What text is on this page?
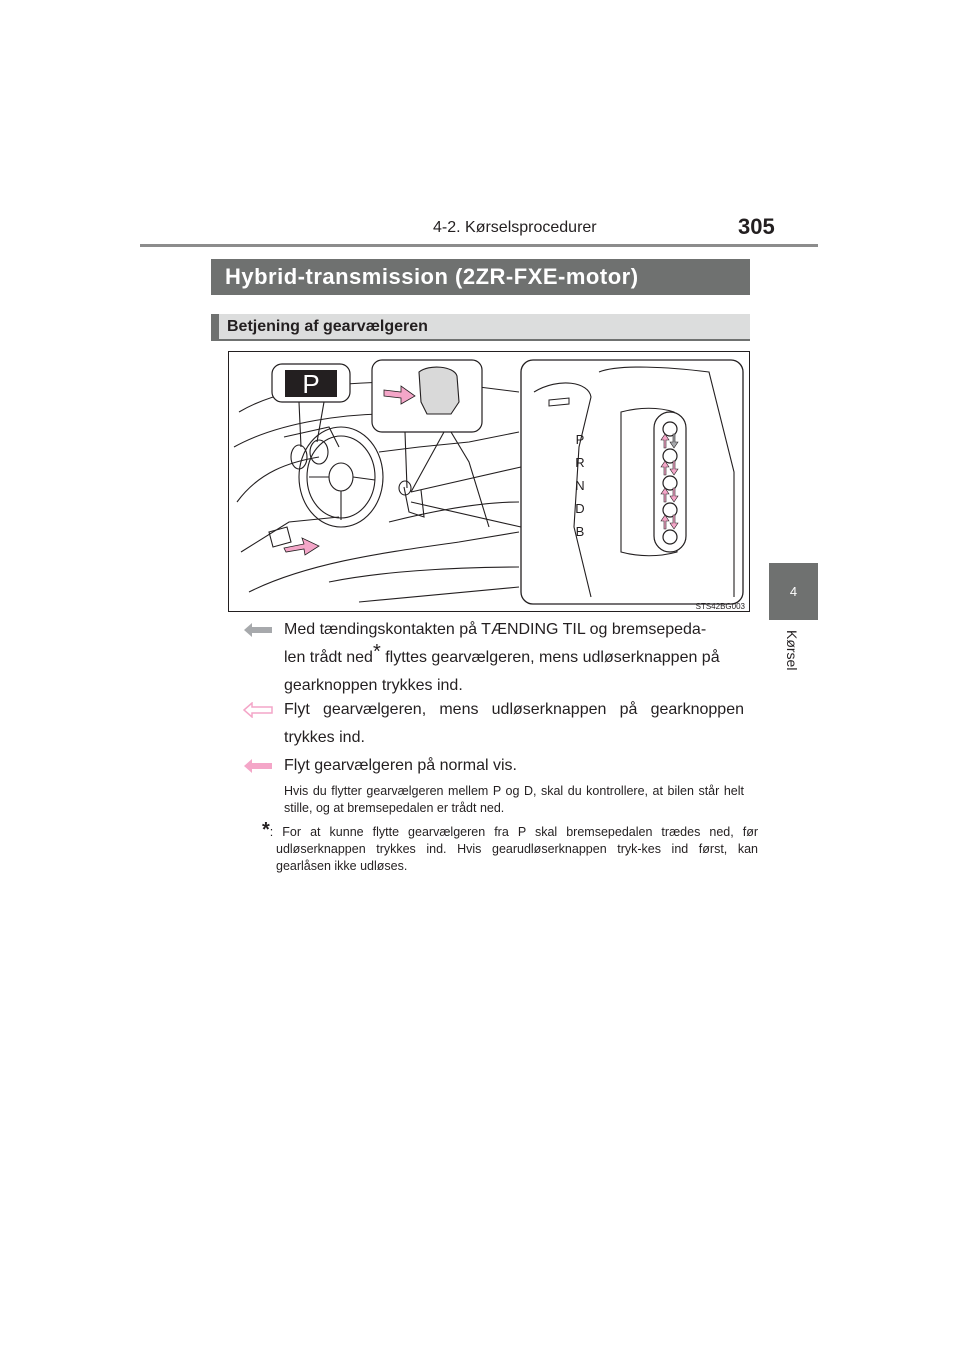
4-2. Kørselsprocedurer	305
4
Kørsel
Hybrid-transmission (2ZR-FXE-motor)
Betjening af gearvælgeren
P
P
R
N
D
B
STS42BG003
Med tændingskontakten på TÆNDING TIL og bremsepeda-
len trådt ned* flyttes gearvælgeren, mens udløserknappen på
gearknoppen trykkes ind.
Flyt gearvælgeren, mens udløserknappen på gearknoppen trykkes ind.
Flyt gearvælgeren på normal vis.
Hvis du flytter gearvælgeren mellem P og D, skal du kontrollere, at bilen står helt stille, og at bremsepedalen er trådt ned.
*: For at kunne flytte gearvælgeren fra P skal bremsepedalen trædes ned, før udløserknappen trykkes ind. Hvis gearudløserknappen tryk-kes ind først, kan gearlåsen ikke udløses.
